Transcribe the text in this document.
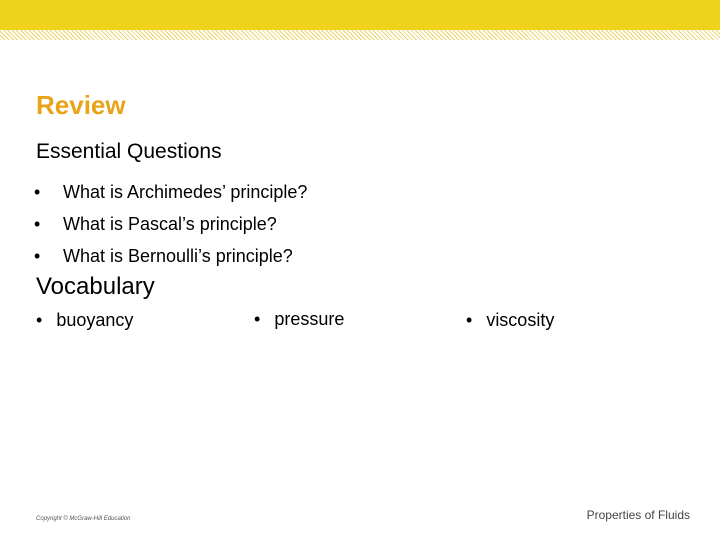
Review
Essential Questions
• What is Archimedes’ principle?
• What is Pascal’s principle?
• What is Bernoulli’s principle?
Vocabulary
• buoyancy	• pressure	• viscosity
Copyright © McGraw-Hill Education	Properties of Fluids
